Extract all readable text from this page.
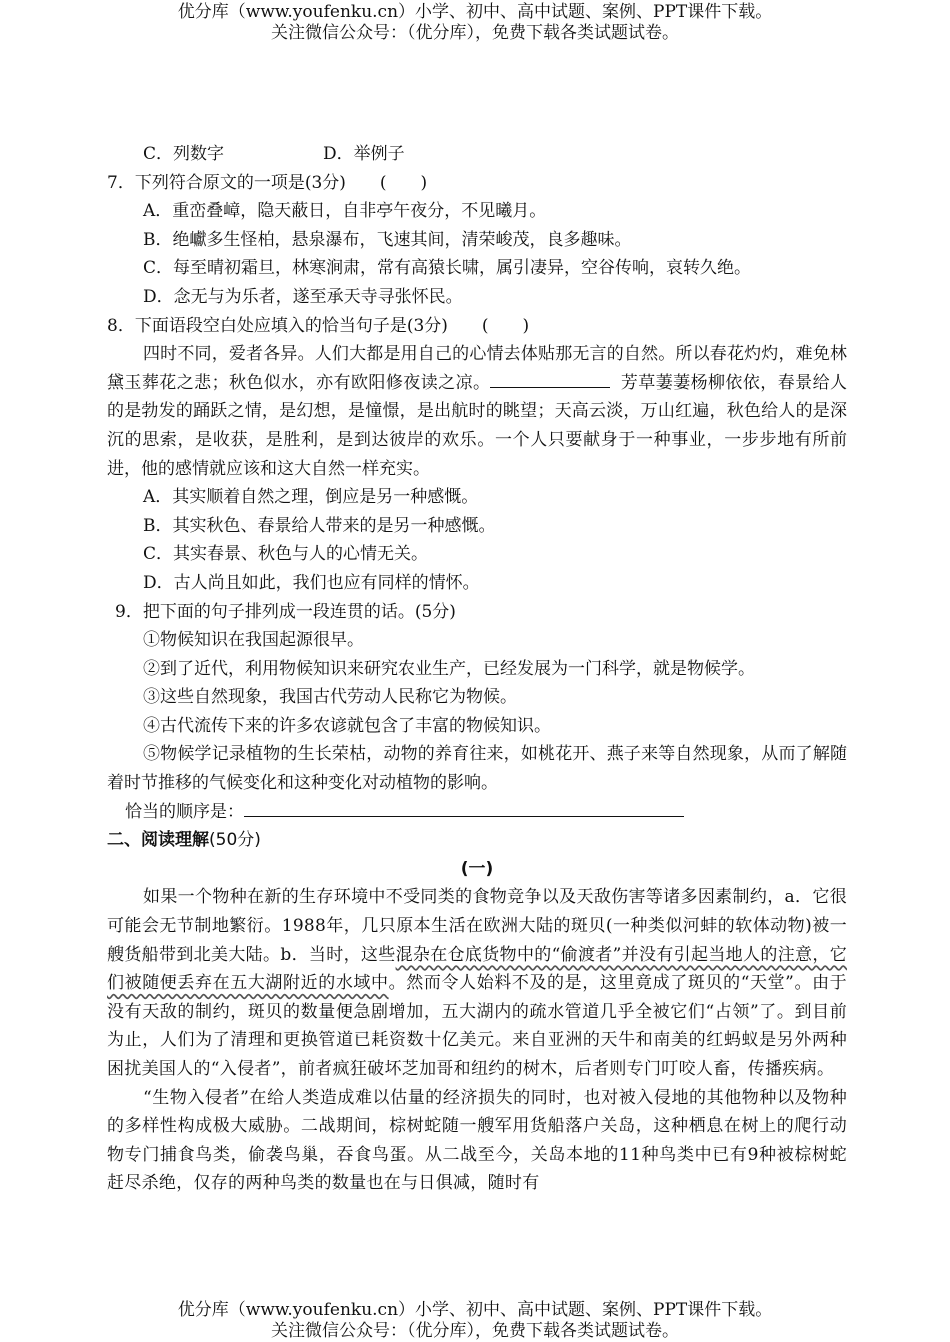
优分库（www.youfenku.cn）小学、初中、高中试题、案例、PPT课件下载。
关注微信公众号：（优分库），免费下载各类试题试卷。
C．列数字	D．举例子
7．下列符合原文的一项是(3分)　　(　　)
A．重峦叠嶂，隐天蔽日，自非亭午夜分，不见曦月。
B．绝巘多生怪柏，悬泉瀑布，飞速其间，清荣峻茂，良多趣味。
C．每至晴初霜旦，林寒涧肃，常有高猿长啸，属引凄异，空谷传响，哀转久绝。
D．念无与为乐者，遂至承天寺寻张怀民。
8．下面语段空白处应填入的恰当句子是(3分)　　(　　)

四时不同，爱者各异。人们大都是用自己的心情去体贴那无言的自然。所以春花灼灼，难免林黛玉葬花之悲；秋色似水，亦有欧阳修夜读之凉。	芳草萋萋杨柳依依，春景给人的是勃发的踊跃之情，是幻想，是憧憬，是出航时的眺望；天高云淡，万山红遍，秋色给人的是深沉的思索，是收获，是胜利，是到达彼岸的欢乐。一个人只要献身于一种事业，一步步地有所前进，他的感情就应该和这大自然一样充实。

A．其实顺着自然之理，倒应是另一种感慨。
B．其实秋色、春景给人带来的是另一种感慨。
C．其实春景、秋色与人的心情无关。
D．古人尚且如此，我们也应有同样的情怀。
9．把下面的句子排列成一段连贯的话。(5分)
①物候知识在我国起源很早。
②到了近代，利用物候知识来研究农业生产，已经发展为一门科学，就是物候学。
③这些自然现象，我国古代劳动人民称它为物候。
④古代流传下来的许多农谚就包含了丰富的物候知识。

⑤物候学记录植物的生长荣枯，动物的养育往来，如桃花开、燕子来等自然现象，从而了解随着时节推移的气候变化和这种变化对动植物的影响。

恰当的顺序是：
二、阅读理解(50分)
(一)

如果一个物种在新的生存环境中不受同类的食物竞争以及天敌伤害等诸多因素制约，a．它很可能会无节制地繁衍。1988年，几只原本生活在欧洲大陆的斑贝(一种类似河蚌的软体动物)被一艘货船带到北美大陆。b．当时，这些混杂在仓底货物中的“偷渡者”并没有引起当地人的注意，它们被随便丢弃在五大湖附近的水域中。然而令人始料不及的是，这里竟成了斑贝的“天堂”。由于没有天敌的制约，斑贝的数量便急剧增加，五大湖内的疏水管道几乎全被它们“占领”了。到目前为止，人们为了清理和更换管道已耗资数十亿美元。来自亚洲的天牛和南美的红蚂蚁是另外两种困扰美国人的“入侵者”，前者疯狂破坏芝加哥和纽约的树木，后者则专门叮咬人畜，传播疾病。

“生物入侵者”在给人类造成难以估量的经济损失的同时，也对被入侵地的其他物种以及物种的多样性构成极大威胁。二战期间，棕树蛇随一艘军用货船落户关岛，这种栖息在树上的爬行动物专门捕食鸟类，偷袭鸟巢，吞食鸟蛋。从二战至今，关岛本地的11种鸟类中已有9种被棕树蛇赶尽杀绝，仅存的两种鸟类的数量也在与日俱减，随时有

优分库（www.youfenku.cn）小学、初中、高中试题、案例、PPT课件下载。
关注微信公众号：（优分库），免费下载各类试题试卷。
